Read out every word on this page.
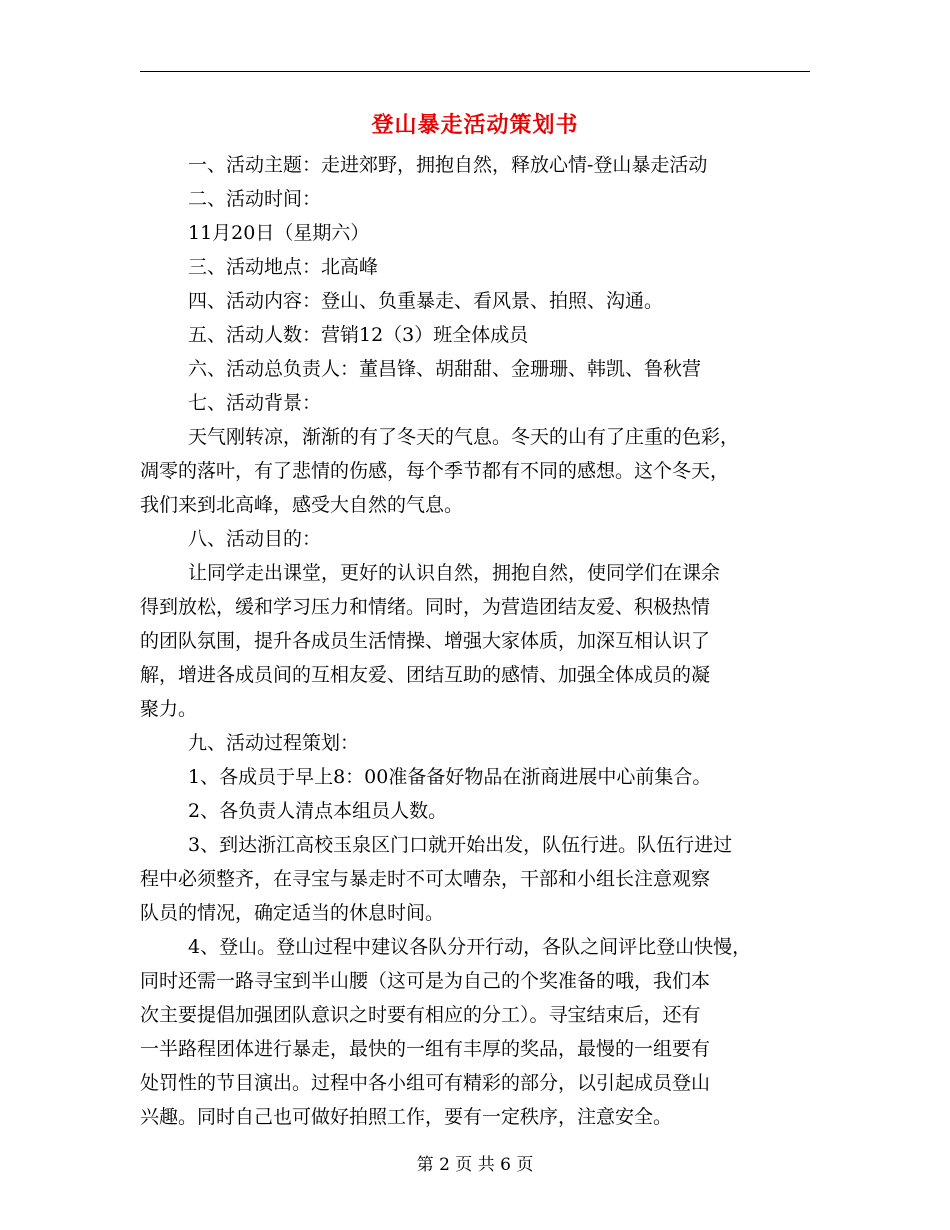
登山暴走活动策划书
一、活动主题：走进郊野，拥抱自然，释放心情-登山暴走活动
二、活动时间：
11月20日（星期六）
三、活动地点：北高峰
四、活动内容：登山、负重暴走、看风景、拍照、沟通。
五、活动人数：营销12（3）班全体成员
六、活动总负责人：董昌锋、胡甜甜、金珊珊、韩凯、鲁秋营
七、活动背景：
天气刚转凉，渐渐的有了冬天的气息。冬天的山有了庄重的色彩，
凋零的落叶，有了悲情的伤感，每个季节都有不同的感想。这个冬天，
我们来到北高峰，感受大自然的气息。
八、活动目的：
让同学走出课堂，更好的认识自然，拥抱自然，使同学们在课余
得到放松，缓和学习压力和情绪。同时，为营造团结友爱、积极热情
的团队氛围，提升各成员生活情操、增强大家体质，加深互相认识了
解，增进各成员间的互相友爱、团结互助的感情、加强全体成员的凝
聚力。
九、活动过程策划：
1、各成员于早上8：00准备备好物品在浙商进展中心前集合。
2、各负责人清点本组员人数。
3、到达浙江高校玉泉区门口就开始出发，队伍行进。队伍行进过
程中必须整齐，在寻宝与暴走时不可太嘈杂，干部和小组长注意观察
队员的情况，确定适当的休息时间。
4、登山。登山过程中建议各队分开行动，各队之间评比登山快慢，
同时还需一路寻宝到半山腰（这可是为自己的个奖准备的哦，我们本
次主要提倡加强团队意识之时要有相应的分工）。寻宝结束后，还有
一半路程团体进行暴走，最快的一组有丰厚的奖品，最慢的一组要有
处罚性的节目演出。过程中各小组可有精彩的部分，以引起成员登山
兴趣。同时自己也可做好拍照工作，要有一定秩序，注意安全。
第 2 页 共 6 页
